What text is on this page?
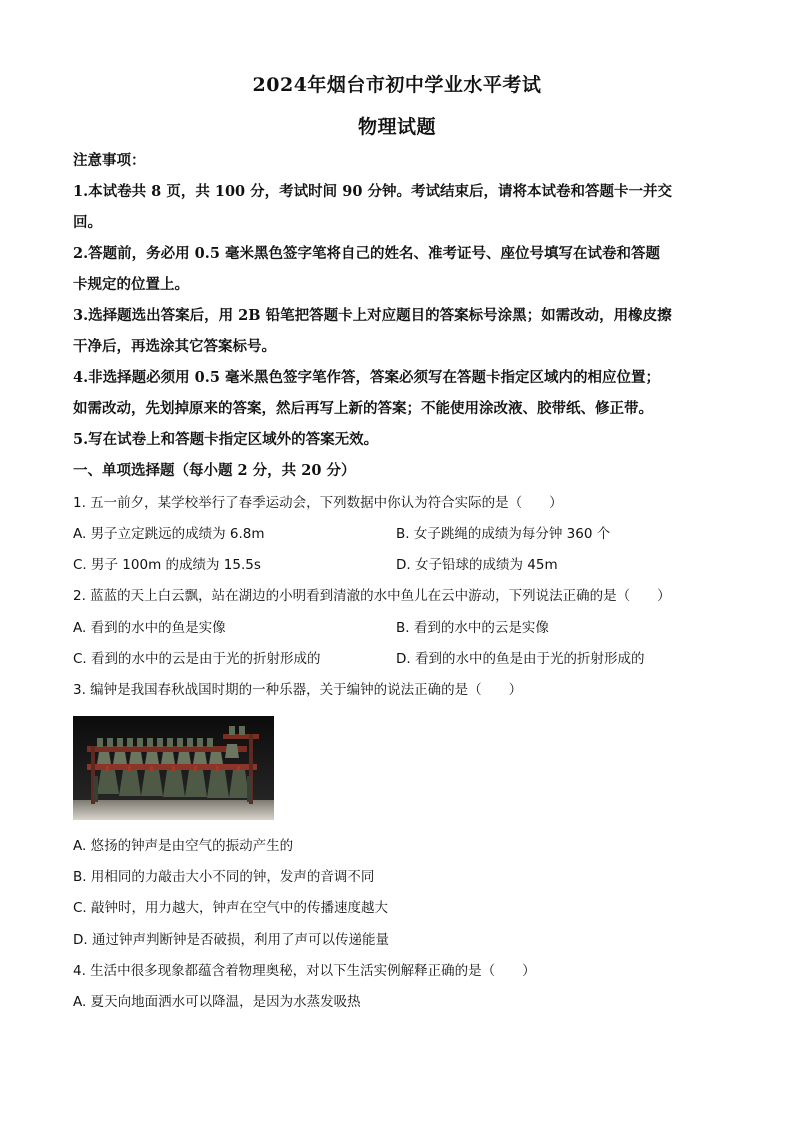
2024年烟台市初中学业水平考试
物理试题
注意事项：
1.本试卷共 8 页，共 100 分，考试时间 90 分钟。考试结束后，请将本试卷和答题卡一并交
回。
2.答题前，务必用 0.5 毫米黑色签字笔将自己的姓名、准考证号、座位号填写在试卷和答题
卡规定的位置上。
3.选择题选出答案后，用 2B 铅笔把答题卡上对应题目的答案标号涂黑；如需改动，用橡皮擦
干净后，再选涂其它答案标号。
4.非选择题必须用 0.5 毫米黑色签字笔作答，答案必须写在答题卡指定区域内的相应位置；
如需改动，先划掉原来的答案，然后再写上新的答案；不能使用涂改液、胶带纸、修正带。
5.写在试卷上和答题卡指定区域外的答案无效。
一、单项选择题（每小题 2 分，共 20 分）
1. 五一前夕，某学校举行了春季运动会，下列数据中你认为符合实际的是（　　）
A. 男子立定跳远的成绩为 6.8m	B. 女子跳绳的成绩为每分钟 360 个
C. 男子 100m 的成绩为 15.5s	D. 女子铅球的成绩为 45m
2. 蓝蓝的天上白云飘，站在湖边的小明看到清澈的水中鱼儿在云中游动，下列说法正确的是（　　）
A. 看到的水中的鱼是实像	B. 看到的水中的云是实像
C. 看到的水中的云是由于光的折射形成的	D. 看到的水中的鱼是由于光的折射形成的
3. 编钟是我国春秋战国时期的一种乐器，关于编钟的说法正确的是（　　）
A. 悠扬的钟声是由空气的振动产生的
B. 用相同的力敲击大小不同的钟，发声的音调不同
C. 敲钟时，用力越大，钟声在空气中的传播速度越大
D. 通过钟声判断钟是否破损，利用了声可以传递能量
4. 生活中很多现象都蕴含着物理奥秘，对以下生活实例解释正确的是（　　）
A. 夏天向地面洒水可以降温，是因为水蒸发吸热
